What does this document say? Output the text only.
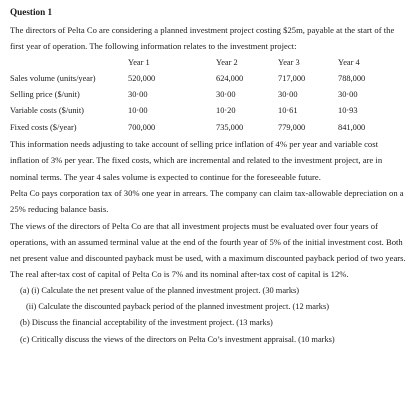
Question 1

The directors of Pelta Co are considering a planned investment project costing $25m, payable at the start of the first year of operation. The following information relates to the investment project:

	Year 1	Year 2	Year 3	Year 4
Sales volume (units/year)	520,000	624,000	717,000	788,000
Selling price ($/unit)	30·00	30·00	30·00	30·00
Variable costs ($/unit)	10·00	10·20	10·61	10·93
Fixed costs ($/year)	700,000	735,000	779,000	841,000

This information needs adjusting to take account of selling price inflation of 4% per year and variable cost inflation of 3% per year. The fixed costs, which are incremental and related to the investment project, are in nominal terms. The year 4 sales volume is expected to continue for the foreseeable future.

Pelta Co pays corporation tax of 30% one year in arrears. The company can claim tax-allowable depreciation on a 25% reducing balance basis.

The views of the directors of Pelta Co are that all investment projects must be evaluated over four years of operations, with an assumed terminal value at the end of the fourth year of 5% of the initial investment cost. Both net present value and discounted payback must be used, with a maximum discounted payback period of two years. The real after-tax cost of capital of Pelta Co is 7% and its nominal after-tax cost of capital is 12%.

(a) (i) Calculate the net present value of the planned investment project. (30 marks)
(ii) Calculate the discounted payback period of the planned investment project. (12 marks)
(b) Discuss the financial acceptability of the investment project. (13 marks)
(c) Critically discuss the views of the directors on Pelta Co’s investment appraisal. (10 marks)
